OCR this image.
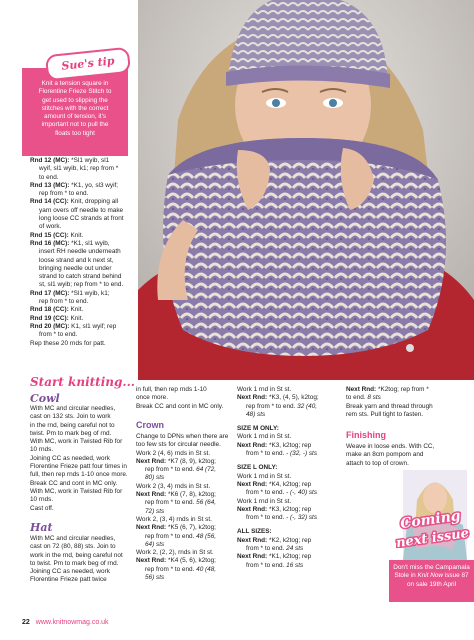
Sue's tip
Knit a tension square in
Florentine Frieze Stitch to
get used to slipping the
stitches with the correct
amount of tension, it's
important not to pull the
floats too tight
Rnd 12 (MC): *Sl1 wyib, sl1
wyif, sl1 wyib, k1; rep from *
to end.
Rnd 13 (MC): *K1, yo, sl3 wyif;
rep from * to end.
Rnd 14 (CC): Knit, dropping all
yarn overs off needle to make
long loose CC strands at front
of work.
Rnd 15 (CC): Knit.
Rnd 16 (MC): *K1, sl1 wyib,
insert RH needle underneath
loose strand and k next st,
bringing needle out under
strand to catch strand behind
st, sl1 wyib; rep from * to end.
Rnd 17 (MC): *Sl1 wyib, k1;
rep from * to end.
Rnd 18 (CC): Knit.
Rnd 19 (CC): Knit.
Rnd 20 (MC): K1, sl1 wyif; rep
from * to end.
Rep these 20 rnds for patt.
Start knitting...
Cowl
With MC and circular needles,
cast on 132 sts. Join to work
in the rnd, being careful not to
twist. Pm to mark beg of rnd.
With MC, work in Twisted Rib for
10 rnds.
Joining CC as needed, work
Florentine Frieze patt four times in
full, then rep rnds 1-10 once more.
Break CC and cont in MC only.
With MC, work in Twisted Rib for
10 rnds.
Cast off.
Hat
With MC and circular needles,
cast on 72 (80, 88) sts. Join to
work in the rnd, being careful not
to twist. Pm to mark beg of rnd.
Joining CC as needed, work
Florentine Frieze patt twice
in full, then rep rnds 1-10
once more.
Break CC and cont in MC only.
Crown
Change to DPNs when there are
too few sts for circular needle.
Work 2 (4, 6) rnds in St st.
Next Rnd: *K7 (8, 9), k2tog;
rep from * to end. 64 (72,
80) sts
Work 2 (3, 4) rnds in St st.
Next Rnd: *K6 (7, 8), k2tog;
rep from * to end. 56 (64,
72) sts
Work 2, (3, 4) rnds in St st.
Next Rnd: *K5 (6, 7), k2tog;
rep from * to end. 48 (56,
64) sts
Work 2, (2, 2), rnds in St st.
Next Rnd: *K4 (5, 6), k2tog;
rep from * to end. 40 (48,
56) sts
Work 1 rnd in St st.
Next Rnd: *K3, (4, 5), k2tog;
rep from * to end. 32 (40,
48) sts
SIZE M ONLY:
Work 1 rnd in St st.
Next Rnd: *K3, k2tog; rep
from * to end. - (32, -) sts
SIZE L ONLY:
Work 1 rnd in St st.
Next Rnd: *K4, k2tog; rep
from * to end. - (-, 40) sts
Work 1 rnd in St st.
Next Rnd: *K3, k2tog; rep
from * to end. - (-, 32) sts
ALL SIZES:
Next Rnd: *K2, k2tog; rep
from * to end. 24 sts
Next Rnd: *K1, k2tog; rep
from * to end. 16 sts
Next Rnd: *K2tog; rep from *
to end. 8 sts
Break yarn and thread through
rem sts. Pull tight to fasten.
Finishing
Weave in loose ends. With CC,
make an 8cm pompom and
attach to top of crown.
Coming
next issue
Don't miss the Campamala
Stole in Knit Now issue 87
on sale 19th April
22 www.knitnowmag.co.uk
